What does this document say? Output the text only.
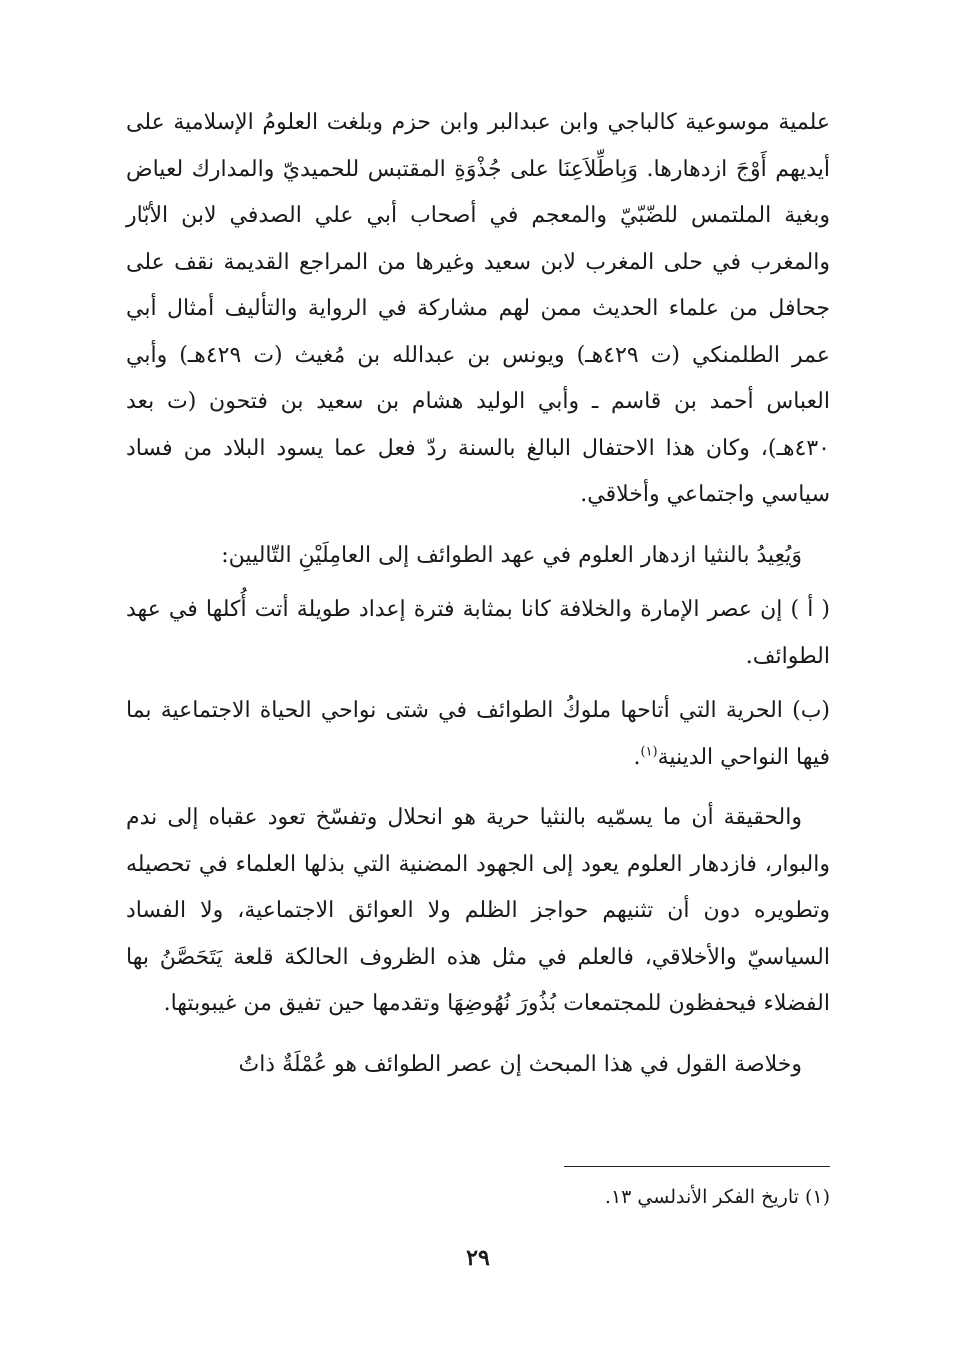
علمية موسوعية كالباجي وابن عبدالبر وابن حزم وبلغت العلومُ الإسلامية على أيديهم أَوْجَ ازدهارها. وَبِاطِّلاَعِنَا على جُذْوَةِ المقتبس للحميديّ والمدارك لعياض وبغية الملتمس للضّبّيّ والمعجم في أصحاب أبي علي الصدفي لابن الأبّار والمغرب في حلى المغرب لابن سعيد وغيرها من المراجع القديمة نقف على جحافل من علماء الحديث ممن لهم مشاركة في الرواية والتأليف أمثال أبي عمر الطلمنكي (ت ٤٢٩هـ) ويونس بن عبدالله بن مُغيث (ت ٤٢٩هـ) وأبي العباس أحمد بن قاسم ـ وأبي الوليد هشام بن سعيد بن فتحون (ت بعد ٤٣٠هـ)، وكان هذا الاحتفال البالغ بالسنة ردّ فعل عما يسود البلاد من فساد سياسي واجتماعي وأخلاقي.

وَيُعِيدُ بالنثيا ازدهار العلوم في عهد الطوائف إلى العامِلَيْنِ التّاليين:

( أ ) إن عصر الإمارة والخلافة كانا بمثابة فترة إعداد طويلة أتت أُكلها في عهد الطوائف.
(ب) الحرية التي أتاحها ملوكُ الطوائف في شتى نواحي الحياة الاجتماعية بما فيها النواحي الدينية$^{(١)}$.

والحقيقة أن ما يسمّيه بالنثيا حرية هو انحلال وتفسّخ تعود عقباه إلى ندم والبوار، فازدهار العلوم يعود إلى الجهود المضنية التي بذلها العلماء في تحصيله وتطويره دون أن تثنيهم حواجز الظلم ولا العوائق الاجتماعية، ولا الفساد السياسيّ والأخلاقي، فالعلم في مثل هذه الظروف الحالكة قلعة يَتَحَصَّنُ بها الفضلاء فيحفظون للمجتمعات بُذُورَ نُهُوضِهَا وتقدمها حين تفيق من غيبوبتها.

وخلاصة القول في هذا المبحث إن عصر الطوائف هو عُمْلَةٌ ذاتُ

(١) تاريخ الفكر الأندلسي ١٣.
٢٩
